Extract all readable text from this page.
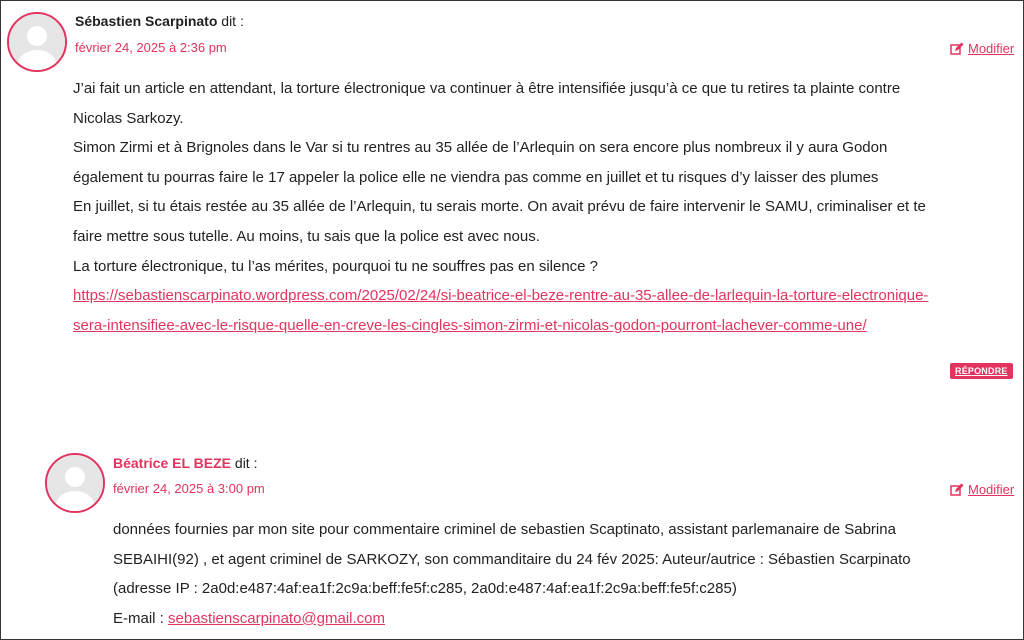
Sébastien Scarpinato dit :
février 24, 2025 à 2:36 pm	Modifier

J’ai fait un article en attendant, la torture électronique va continuer à être intensifiée jusqu’à ce que tu retires ta plainte contre

Nicolas Sarkozy.

Simon Zirmi et à Brignoles dans le Var si tu rentres au 35 allée de l’Arlequin on sera encore plus nombreux il y aura Godon

également tu pourras faire le 17 appeler la police elle ne viendra pas comme en juillet et tu risques d’y laisser des plumes

En juillet, si tu étais restée au 35 allée de l’Arlequin, tu serais morte. On avait prévu de faire intervenir le SAMU, criminaliser et te

faire mettre sous tutelle. Au moins, tu sais que la police est avec nous.

La torture électronique, tu l’as mérites, pourquoi tu ne souffres pas en silence ?

https://sebastienscarpinato.wordpress.com/2025/02/24/si-beatrice-el-beze-rentre-au-35-allee-de-larlequin-la-torture-electronique-

sera-intensifiee-avec-le-risque-quelle-en-creve-les-cingles-simon-zirmi-et-nicolas-godon-pourront-lachever-comme-une/

RÉPONDRE
Béatrice EL BEZE dit :
février 24, 2025 à 3:00 pm	Modifier

données fournies par mon site pour commentaire criminel de sebastien Scaptinato, assistant parlemanaire de Sabrina

SEBAIHI(92) , et agent criminel de SARKOZY, son commanditaire du 24 fév 2025: Auteur/autrice : Sébastien Scarpinato

(adresse IP : 2a0d:e487:4af:ea1f:2c9a:beff:fe5f:c285, 2a0d:e487:4af:ea1f:2c9a:beff:fe5f:c285)

E-mail : sebastienscarpinato@gmail.com
